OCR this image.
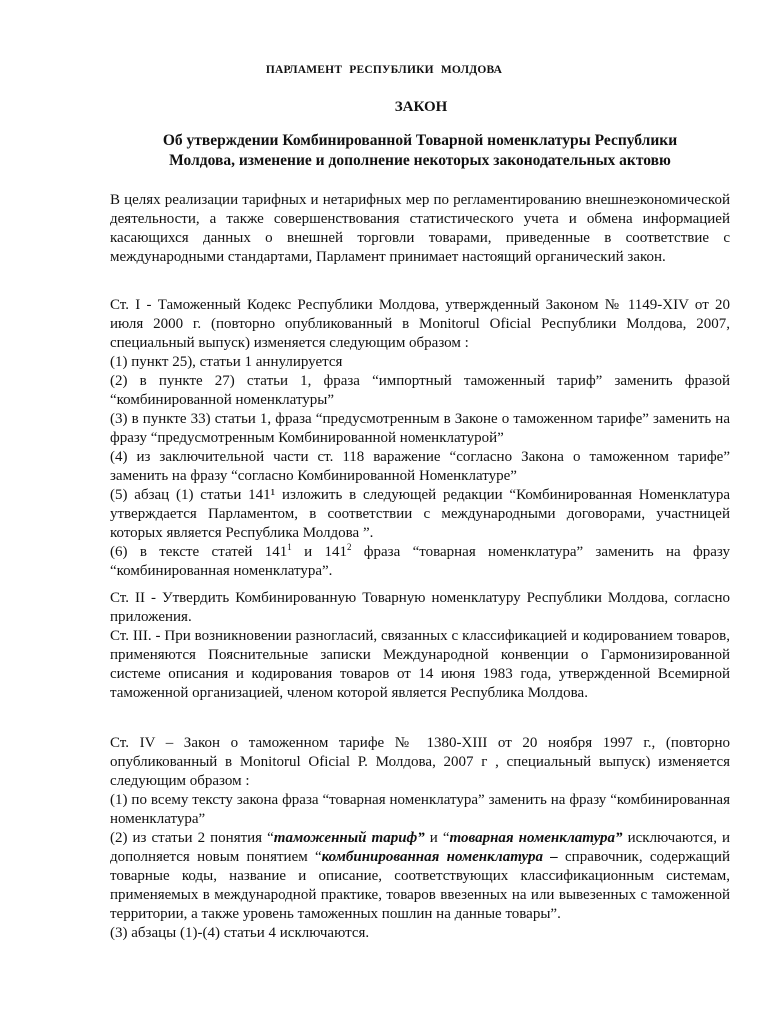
ПАРЛАМЕНТ РЕСПУБЛИКИ МОЛДОВА
ЗАКОН
Об утверждении Комбинированной Товарной номенклатуры Республики
Молдова, изменение и дополнение некоторых законодательных актовю

В целях реализации тарифных и нетарифных мер по регламентированию внешнеэкономической деятельности, а также совершенствования статистического учета и обмена информацией касающихся данных о внешней торговли товарами, приведенные в соответствие с международными стандартами, Парламент принимает настоящий органический закон.

Ст. I - Таможенный Кодекс Республики Молдова, утвержденный Законом № 1149-XIV от 20 июля 2000 г. (повторно опубликованный в Monitorul Oficial Республики Молдова, 2007, специальный выпуск) изменяется следующим образом :

(1) пункт 25), статьи 1 аннулируется

(2) в пункте 27) статьи 1, фраза “импортный таможенный тариф” заменить фразой “комбинированной номенклатуры”

(3) в пункте 33) статьи 1, фраза “предусмотренным в Законе о таможенном тарифе” заменить на фразу “предусмотренным Комбинированной номенклатурой”

(4) из заключительной части ст. 118 варажение “согласно Закона о таможенном тарифе” заменить на фразу “согласно Комбинированной Номенклатуре”

(5) абзац (1) статьи 141¹ изложить в следующей редакции “Комбинированная Номенклатура утверждается Парламентом, в соответствии с международными договорами, участницей которых является Республика Молдова ”.

(6) в тексте статей $141^1$ и $141^2$ фраза “товарная номенклатура” заменить на фразу “комбинированная номенклатура”.

Ст. II - Утвердить Комбинированную Товарную номенклатуру Республики Молдова, согласно приложения.

Ст. III. - При возникновении разногласий, связанных с классификацией и кодированием товаров, применяются Пояснительные записки Международной конвенции о Гармонизированной системе описания и кодирования товаров от 14 июня 1983 года, утвержденной Всемирной таможенной организацией, членом которой является Республика Молдова.

Ст. IV – Закон о таможенном тарифе № 1380-XIII от 20 ноября 1997 г., (повторно опубликованный в Monitorul Oficial Р. Молдова, 2007 г , специальный выпуск) изменяется следующим образом :

(1) по всему тексту закона фраза “товарная номенклатура” заменить на фразу “комбинированная номенклатура”

(2) из статьи 2 понятия “таможенный тариф” и “товарная номенклатура” исключаются, и дополняется новым понятием “комбинированная номенклатура – справочник, содержащий товарные коды, название и описание, соответствующих классификационным системам, применяемых в международной практике, товаров ввезенных на или вывезенных с таможенной территории, а также уровень таможенных пошлин на данные товары”.

(3) абзацы (1)-(4) статьи 4 исключаются.
